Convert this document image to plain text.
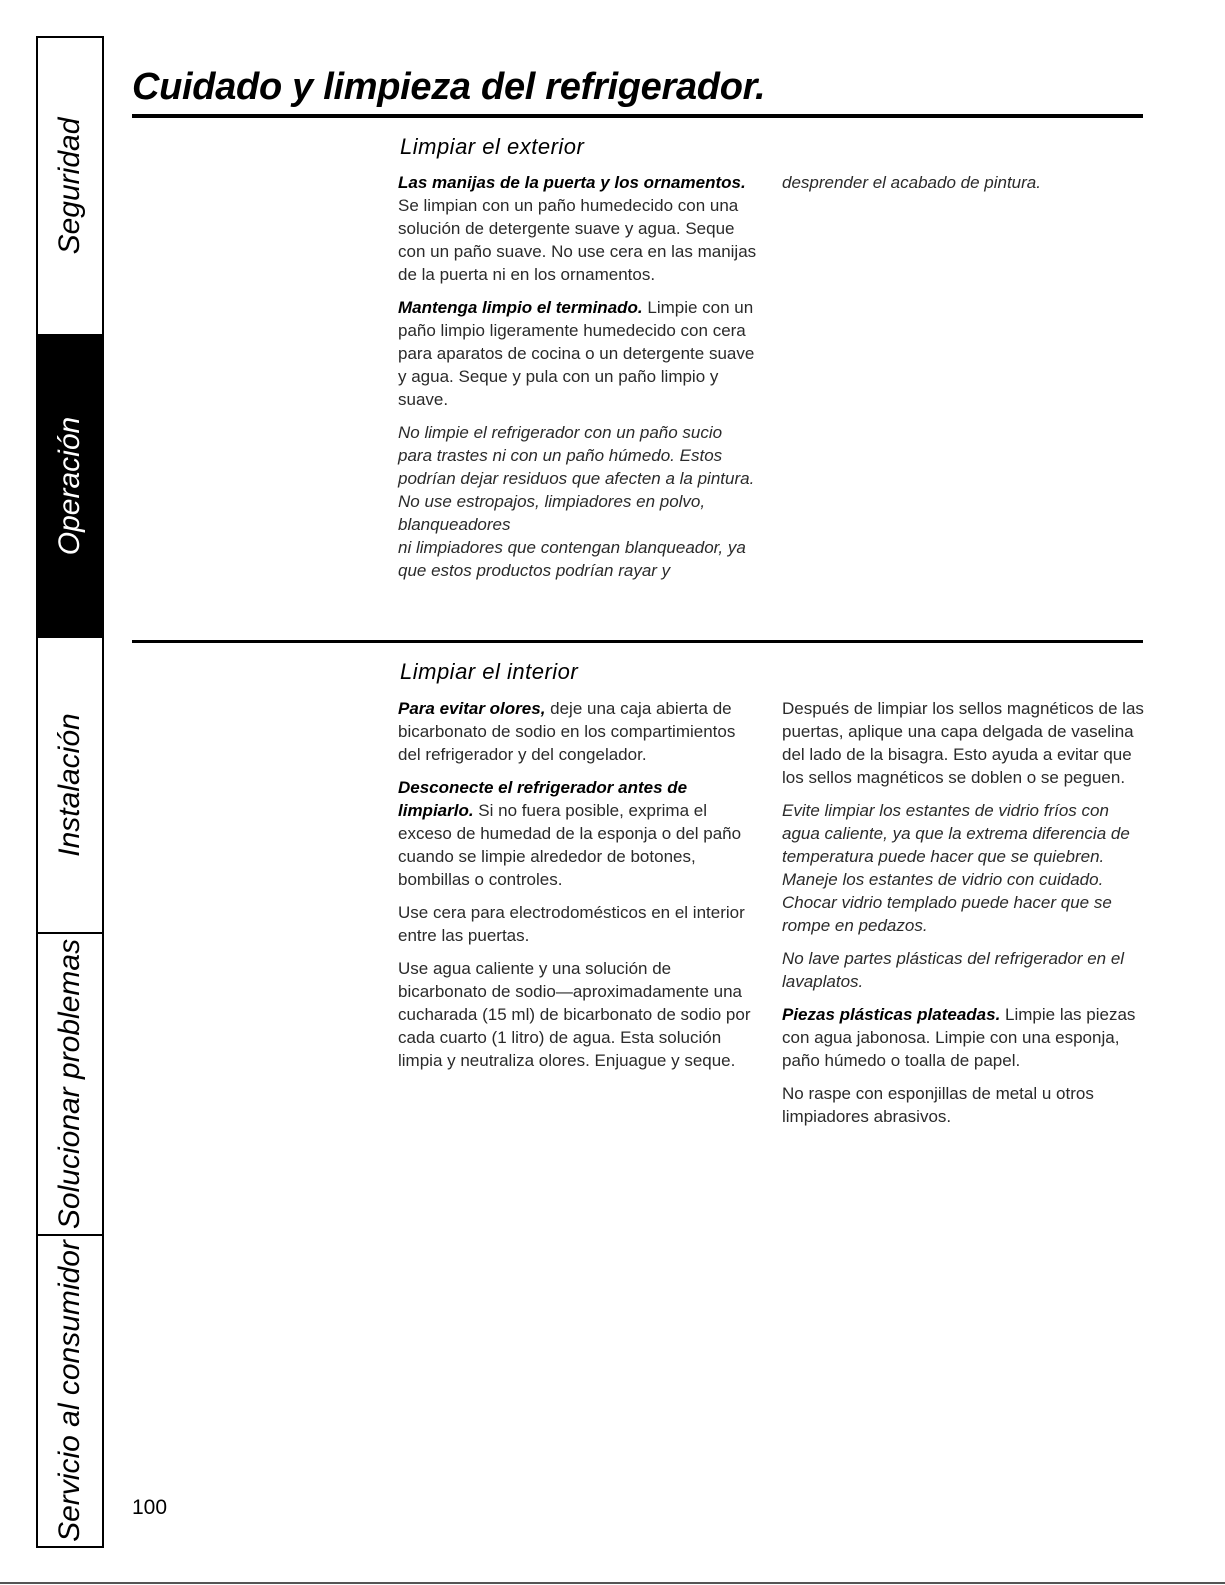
Seguridad
Operación
Instalación
Solucionar problemas
Servicio al consumidor
Cuidado y limpieza del refrigerador.
Limpiar el exterior

Las manijas de la puerta y los ornamentos. Se limpian con un paño humedecido con una solución de detergente suave y agua. Seque con un paño suave. No use cera en las manijas de la puerta ni en los ornamentos.

Mantenga limpio el terminado. Limpie con un paño limpio ligeramente humedecido con cera para aparatos de cocina o un detergente suave y agua. Seque y pula con un paño limpio y suave.

No limpie el refrigerador con un paño sucio para trastes ni con un paño húmedo. Estos podrían dejar residuos que afecten a la pintura. No use estropajos, limpiadores en polvo, blanqueadores
ni limpiadores que contengan blanqueador, ya que estos productos podrían rayar y

desprender el acabado de pintura.

Limpiar el interior

Para evitar olores, deje una caja abierta de bicarbonato de sodio en los compartimientos del refrigerador y del congelador.

Desconecte el refrigerador antes de limpiarlo. Si no fuera posible, exprima el exceso de humedad de la esponja o del paño cuando se limpie alrededor de botones, bombillas o controles.

Use cera para electrodomésticos en el interior entre las puertas.

Use agua caliente y una solución de bicarbonato de sodio—aproximadamente una cucharada (15 ml) de bicarbonato de sodio por cada cuarto (1 litro) de agua. Esta solución limpia y neutraliza olores. Enjuague y seque.

Después de limpiar los sellos magnéticos de las puertas, aplique una capa delgada de vaselina del lado de la bisagra. Esto ayuda a evitar que los sellos magnéticos se doblen o se peguen.

Evite limpiar los estantes de vidrio fríos con agua caliente, ya que la extrema diferencia de temperatura puede hacer que se quiebren. Maneje los estantes de vidrio con cuidado. Chocar vidrio templado puede hacer que se rompe en pedazos.

No lave partes plásticas del refrigerador en el lavaplatos.

Piezas plásticas plateadas. Limpie las piezas con agua jabonosa. Limpie con una esponja, paño húmedo o toalla de papel.

No raspe con esponjillas de metal u otros limpiadores abrasivos.

100
